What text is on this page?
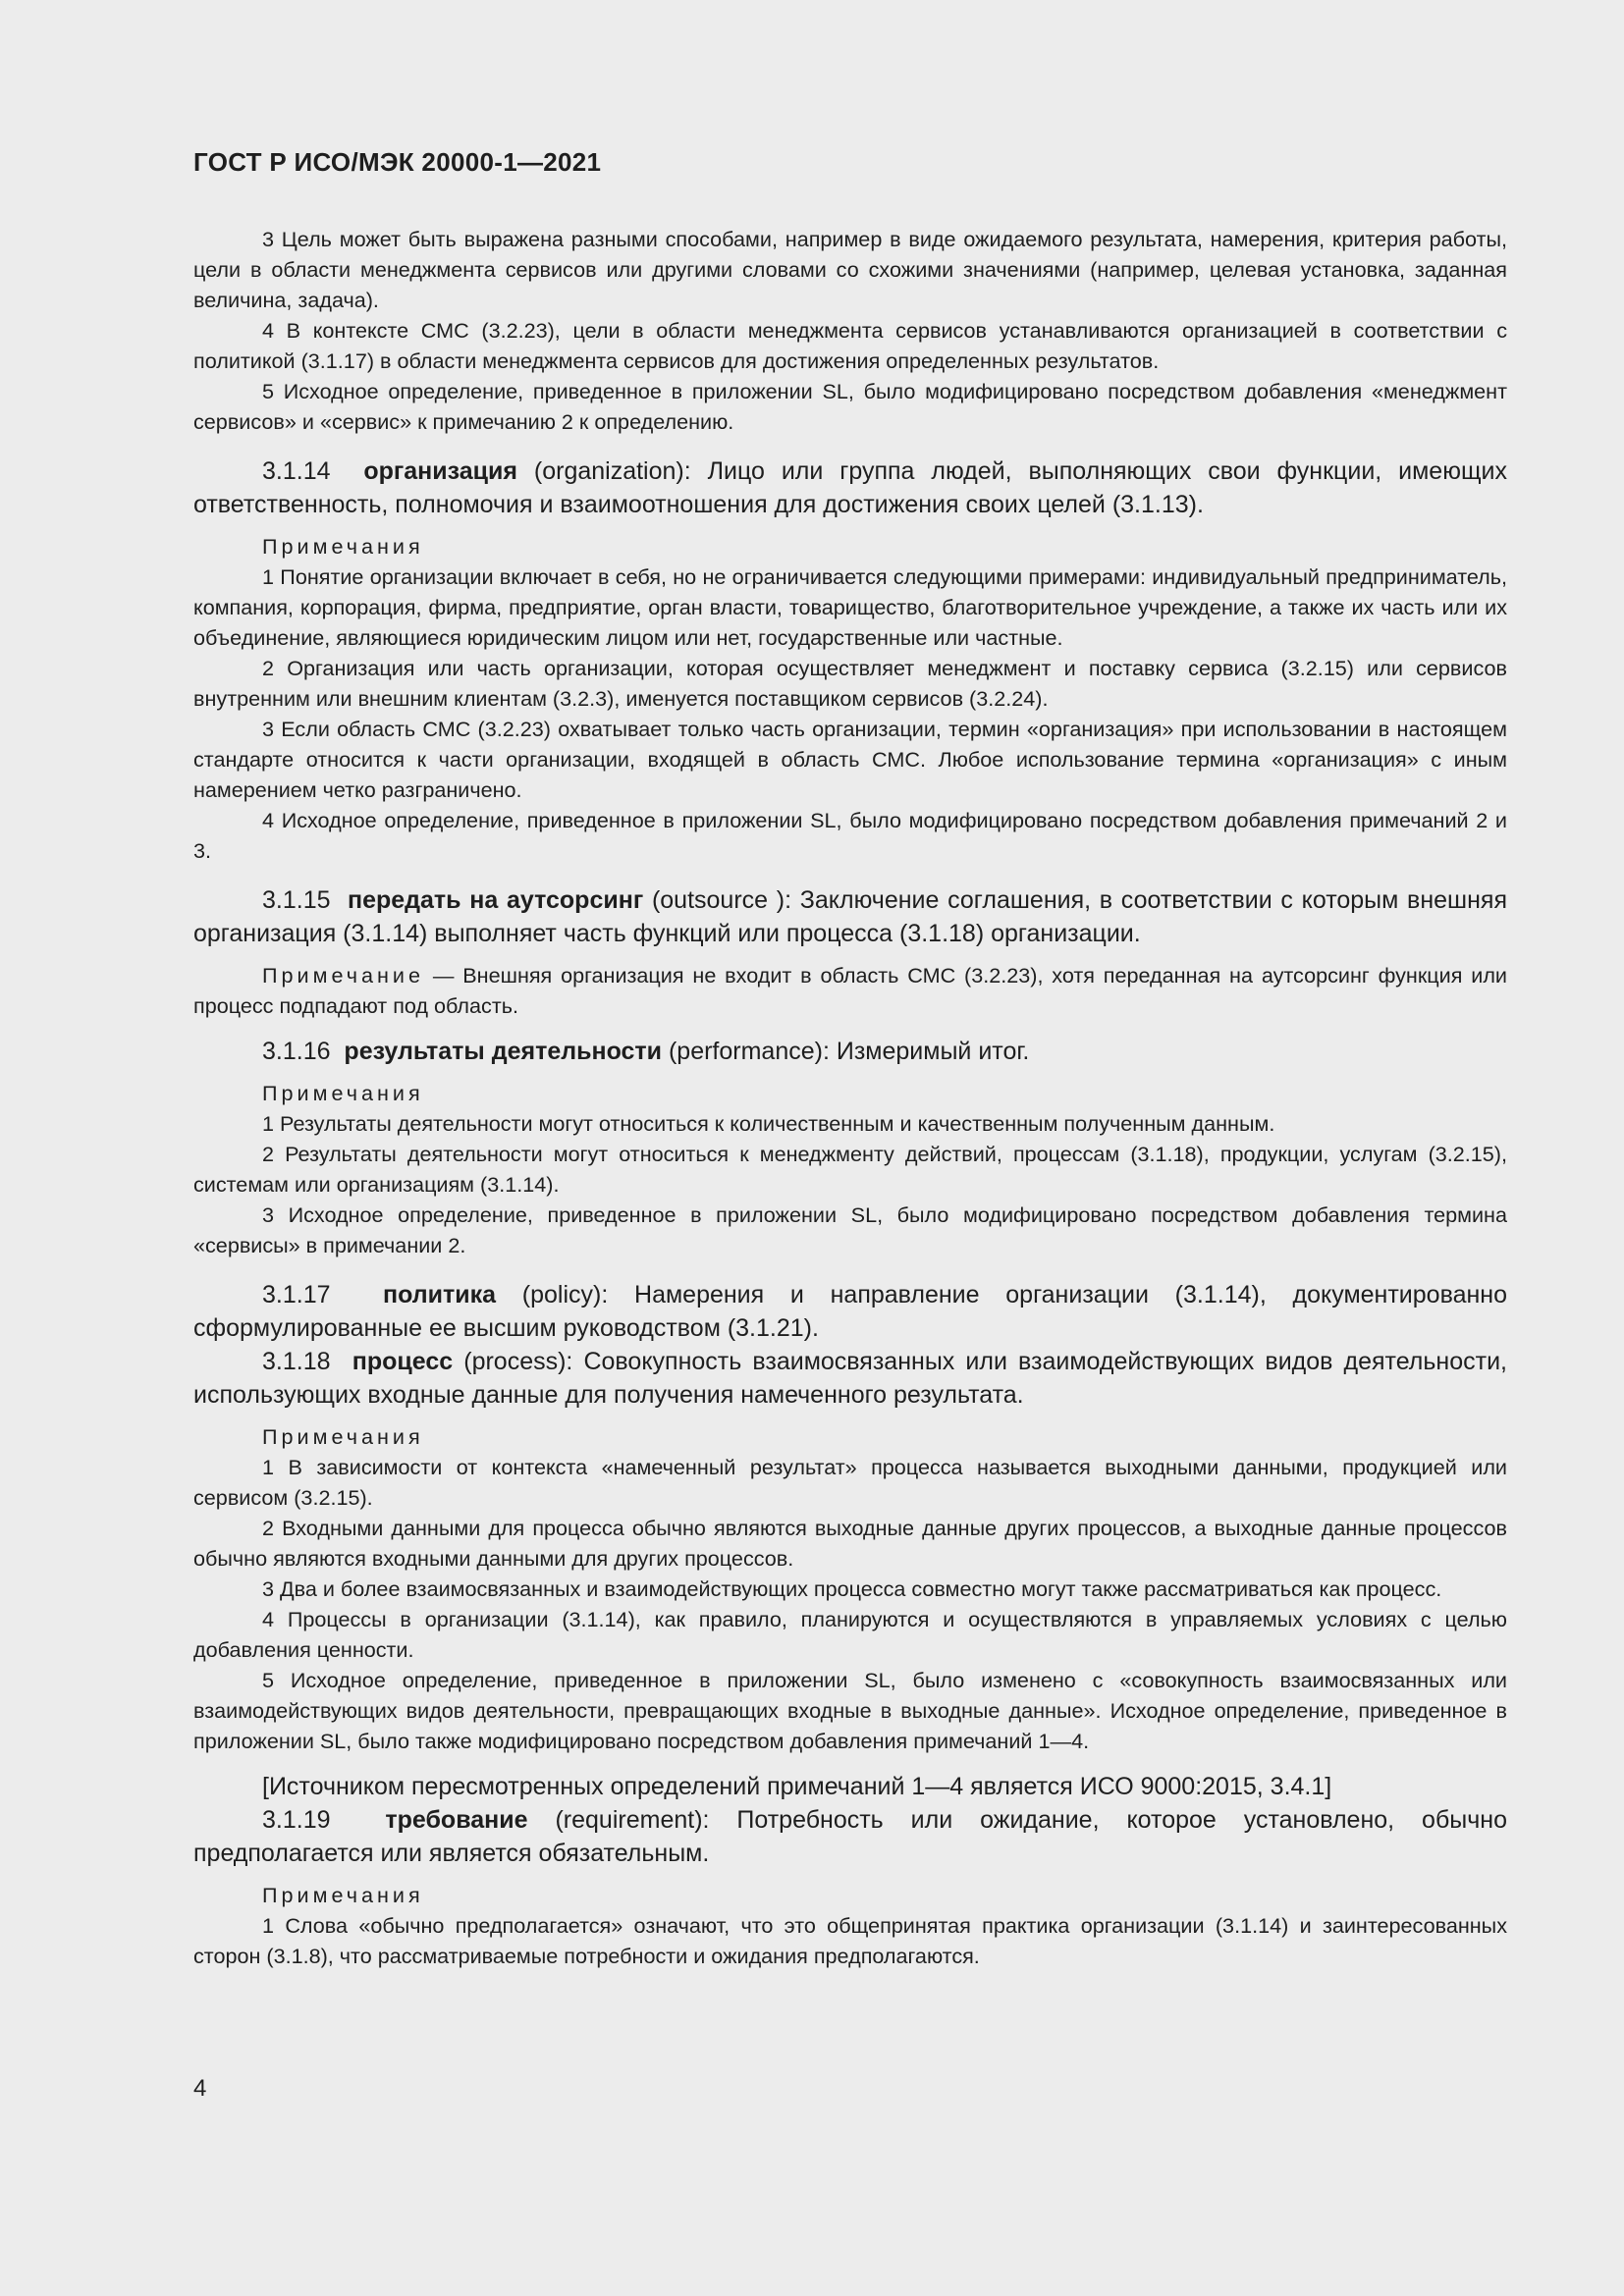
ГОСТ Р ИСО/МЭК 20000-1—2021

3 Цель может быть выражена разными способами, например в виде ожидаемого результата, намерения, критерия работы, цели в области менеджмента сервисов или другими словами со схожими значениями (например, целевая установка, заданная величина, задача).

4 В контексте СМС (3.2.23), цели в области менеджмента сервисов устанавливаются организацией в соответствии с политикой (3.1.17) в области менеджмента сервисов для достижения определенных результатов.

5 Исходное определение, приведенное в приложении SL, было модифицировано посредством добавления «менеджмент сервисов» и «сервис» к примечанию 2 к определению.

3.1.14 организация (organization): Лицо или группа людей, выполняющих свои функции, имеющих ответственность, полномочия и взаимоотношения для достижения своих целей (3.1.13).

Примечания

1 Понятие организации включает в себя, но не ограничивается следующими примерами: индивидуальный предприниматель, компания, корпорация, фирма, предприятие, орган власти, товарищество, благотворительное учреждение, а также их часть или их объединение, являющиеся юридическим лицом или нет, государственные или частные.

2 Организация или часть организации, которая осуществляет менеджмент и поставку сервиса (3.2.15) или сервисов внутренним или внешним клиентам (3.2.3), именуется поставщиком сервисов (3.2.24).

3 Если область СМС (3.2.23) охватывает только часть организации, термин «организация» при использовании в настоящем стандарте относится к части организации, входящей в область СМС. Любое использование термина «организация» с иным намерением четко разграничено.

4 Исходное определение, приведенное в приложении SL, было модифицировано посредством добавления примечаний 2 и 3.

3.1.15 передать на аутсорсинг (outsource ): Заключение соглашения, в соответствии с которым внешняя организация (3.1.14) выполняет часть функций или процесса (3.1.18) организации.

Примечание — Внешняя организация не входит в область СМС (3.2.23), хотя переданная на аутсорсинг функция или процесс подпадают под область.

3.1.16 результаты деятельности (performance): Измеримый итог.

Примечания

1 Результаты деятельности могут относиться к количественным и качественным полученным данным.

2 Результаты деятельности могут относиться к менеджменту действий, процессам (3.1.18), продукции, услугам (3.2.15), системам или организациям (3.1.14).

3 Исходное определение, приведенное в приложении SL, было модифицировано посредством добавления термина «сервисы» в примечании 2.

3.1.17 политика (policy): Намерения и направление организации (3.1.14), документированно сформулированные ее высшим руководством (3.1.21).

3.1.18 процесс (process): Совокупность взаимосвязанных или взаимодействующих видов деятельности, использующих входные данные для получения намеченного результата.

Примечания

1 В зависимости от контекста «намеченный результат» процесса называется выходными данными, продукцией или сервисом (3.2.15).

2 Входными данными для процесса обычно являются выходные данные других процессов, а выходные данные процессов обычно являются входными данными для других процессов.

3 Два и более взаимосвязанных и взаимодействующих процесса совместно могут также рассматриваться как процесс.

4 Процессы в организации (3.1.14), как правило, планируются и осуществляются в управляемых условиях с целью добавления ценности.

5 Исходное определение, приведенное в приложении SL, было изменено с «совокупность взаимосвязанных или взаимодействующих видов деятельности, превращающих входные в выходные данные». Исходное определение, приведенное в приложении SL, было также модифицировано посредством добавления примечаний 1—4.

[Источником пересмотренных определений примечаний 1—4 является ИСО 9000:2015, 3.4.1]

3.1.19 требование (requirement): Потребность или ожидание, которое установлено, обычно предполагается или является обязательным.

Примечания

1 Слова «обычно предполагается» означают, что это общепринятая практика организации (3.1.14) и заинтересованных сторон (3.1.8), что рассматриваемые потребности и ожидания предполагаются.

4
